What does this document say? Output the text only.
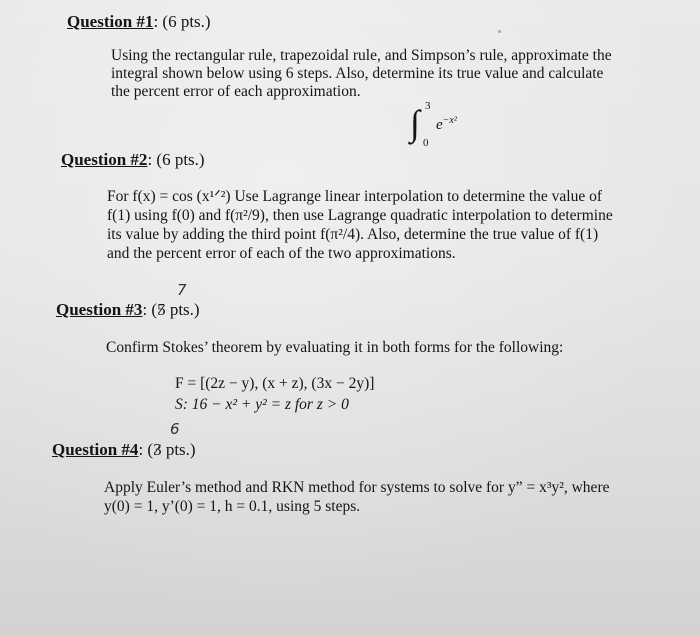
Question #1: (6 pts.)
Using the rectangular rule, trapezoidal rule, and Simpson’s rule, approximate the
integral shown below using 6 steps. Also, determine its true value and calculate
the percent error of each approximation.
∫ 3
0
$e^{-x^2}$
Question #2: (6 pts.)
For f(x) = cos (x¹ᐟ²) Use Lagrange linear interpolation to determine the value of
f(1) using f(0) and f(π²/9), then use Lagrange quadratic interpolation to determine
its value by adding the third point f(π²/4). Also, determine the true value of f(1)
and the percent error of each of the two approximations.
7
Question #3: (5 pts.)
Confirm Stokes’ theorem by evaluating it in both forms for the following:
F = [(2z − y), (x + z), (3x − 2y)]
S: 16 − x² + y² = z for z > 0
6
Question #4: (3 pts.)
Apply Euler’s method and RKN method for systems to solve for y” = x³y², where
y(0) = 1, y’(0) = 1, h = 0.1, using 5 steps.
